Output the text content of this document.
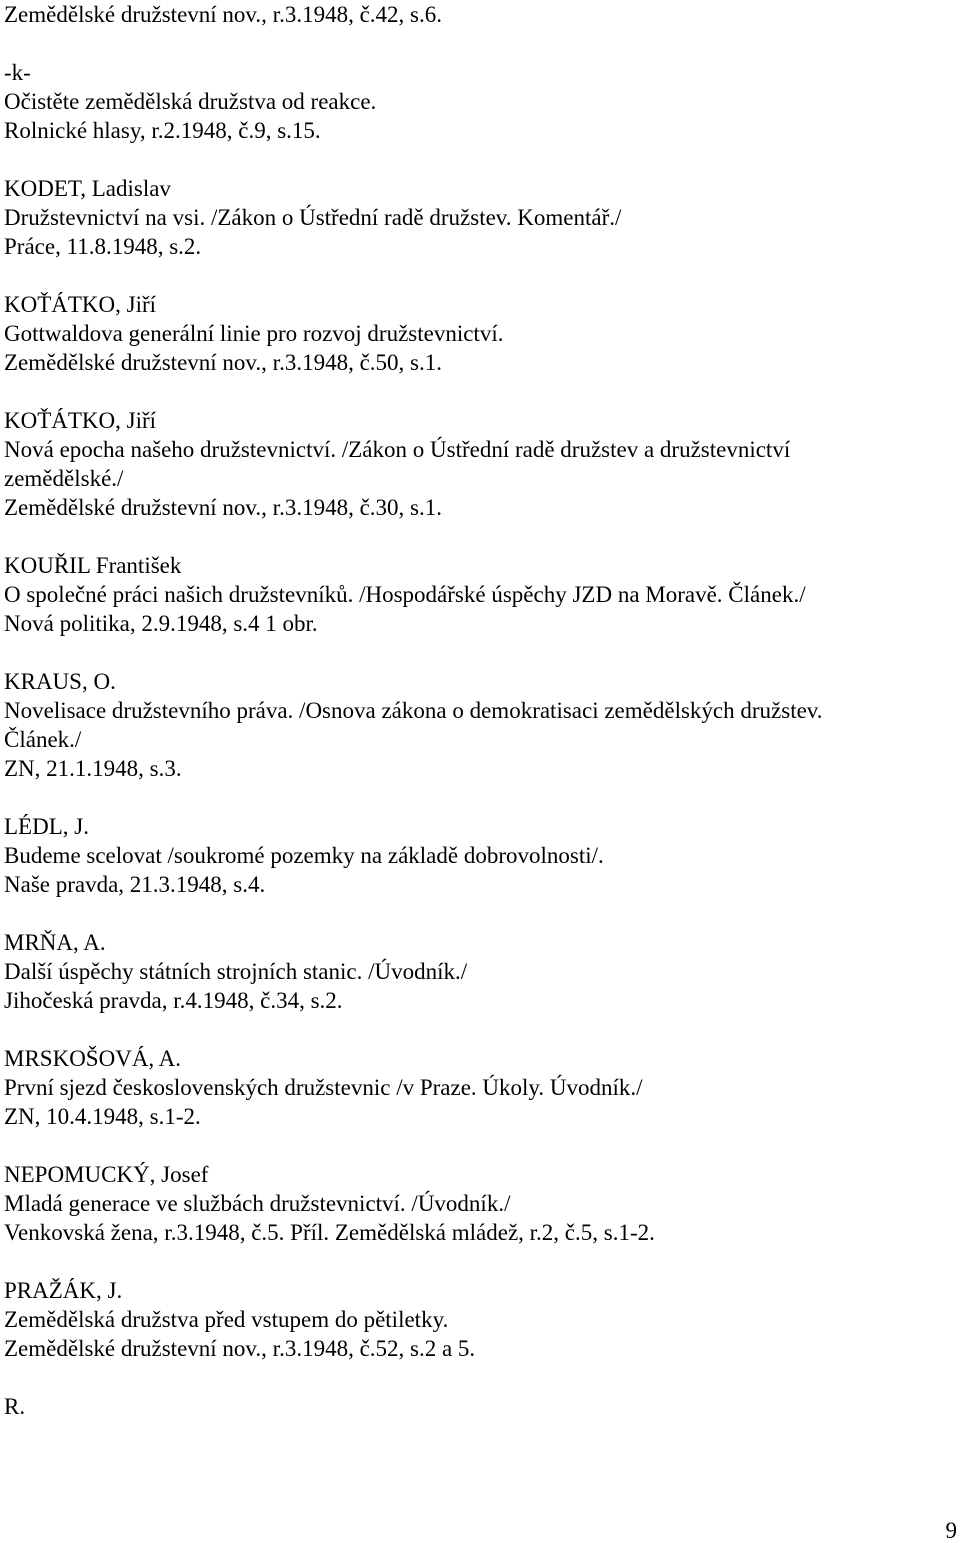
Zemědělské družstevní nov., r.3.1948, č.42, s.6.
-k-
Očistěte zemědělská družstva od reakce.
Rolnické hlasy, r.2.1948, č.9, s.15.
KODET, Ladislav
Družstevnictví na vsi. /Zákon o Ústřední radě družstev. Komentář./
Práce, 11.8.1948, s.2.
KOŤÁTKO, Jiří
Gottwaldova generální linie pro rozvoj družstevnictví.
Zemědělské družstevní nov., r.3.1948, č.50, s.1.
KOŤÁTKO, Jiří
Nová epocha našeho družstevnictví. /Zákon o Ústřední radě družstev a družstevnictví
zemědělské./
Zemědělské družstevní nov., r.3.1948, č.30, s.1.
KOUŘIL František
O společné práci našich družstevníků. /Hospodářské úspěchy JZD na Moravě. Článek./
Nová politika, 2.9.1948, s.4 1 obr.
KRAUS, O.
Novelisace družstevního práva. /Osnova zákona o demokratisaci zemědělských družstev.
Článek./
ZN, 21.1.1948, s.3.
LÉDL, J.
Budeme scelovat /soukromé pozemky na základě dobrovolnosti/.
Naše pravda, 21.3.1948, s.4.
MRŇA, A.
Další úspěchy státních strojních stanic. /Úvodník./
Jihočeská pravda, r.4.1948, č.34, s.2.
MRSKOŠOVÁ, A.
První sjezd československých družstevnic /v Praze. Úkoly. Úvodník./
ZN, 10.4.1948, s.1-2.
NEPOMUCKÝ, Josef
Mladá generace ve službách družstevnictví. /Úvodník./
Venkovská žena, r.3.1948, č.5. Příl. Zemědělská mládež, r.2, č.5, s.1-2.
PRAŽÁK, J.
Zemědělská družstva před vstupem do pětiletky.
Zemědělské družstevní nov., r.3.1948, č.52, s.2 a 5.
R.
9
